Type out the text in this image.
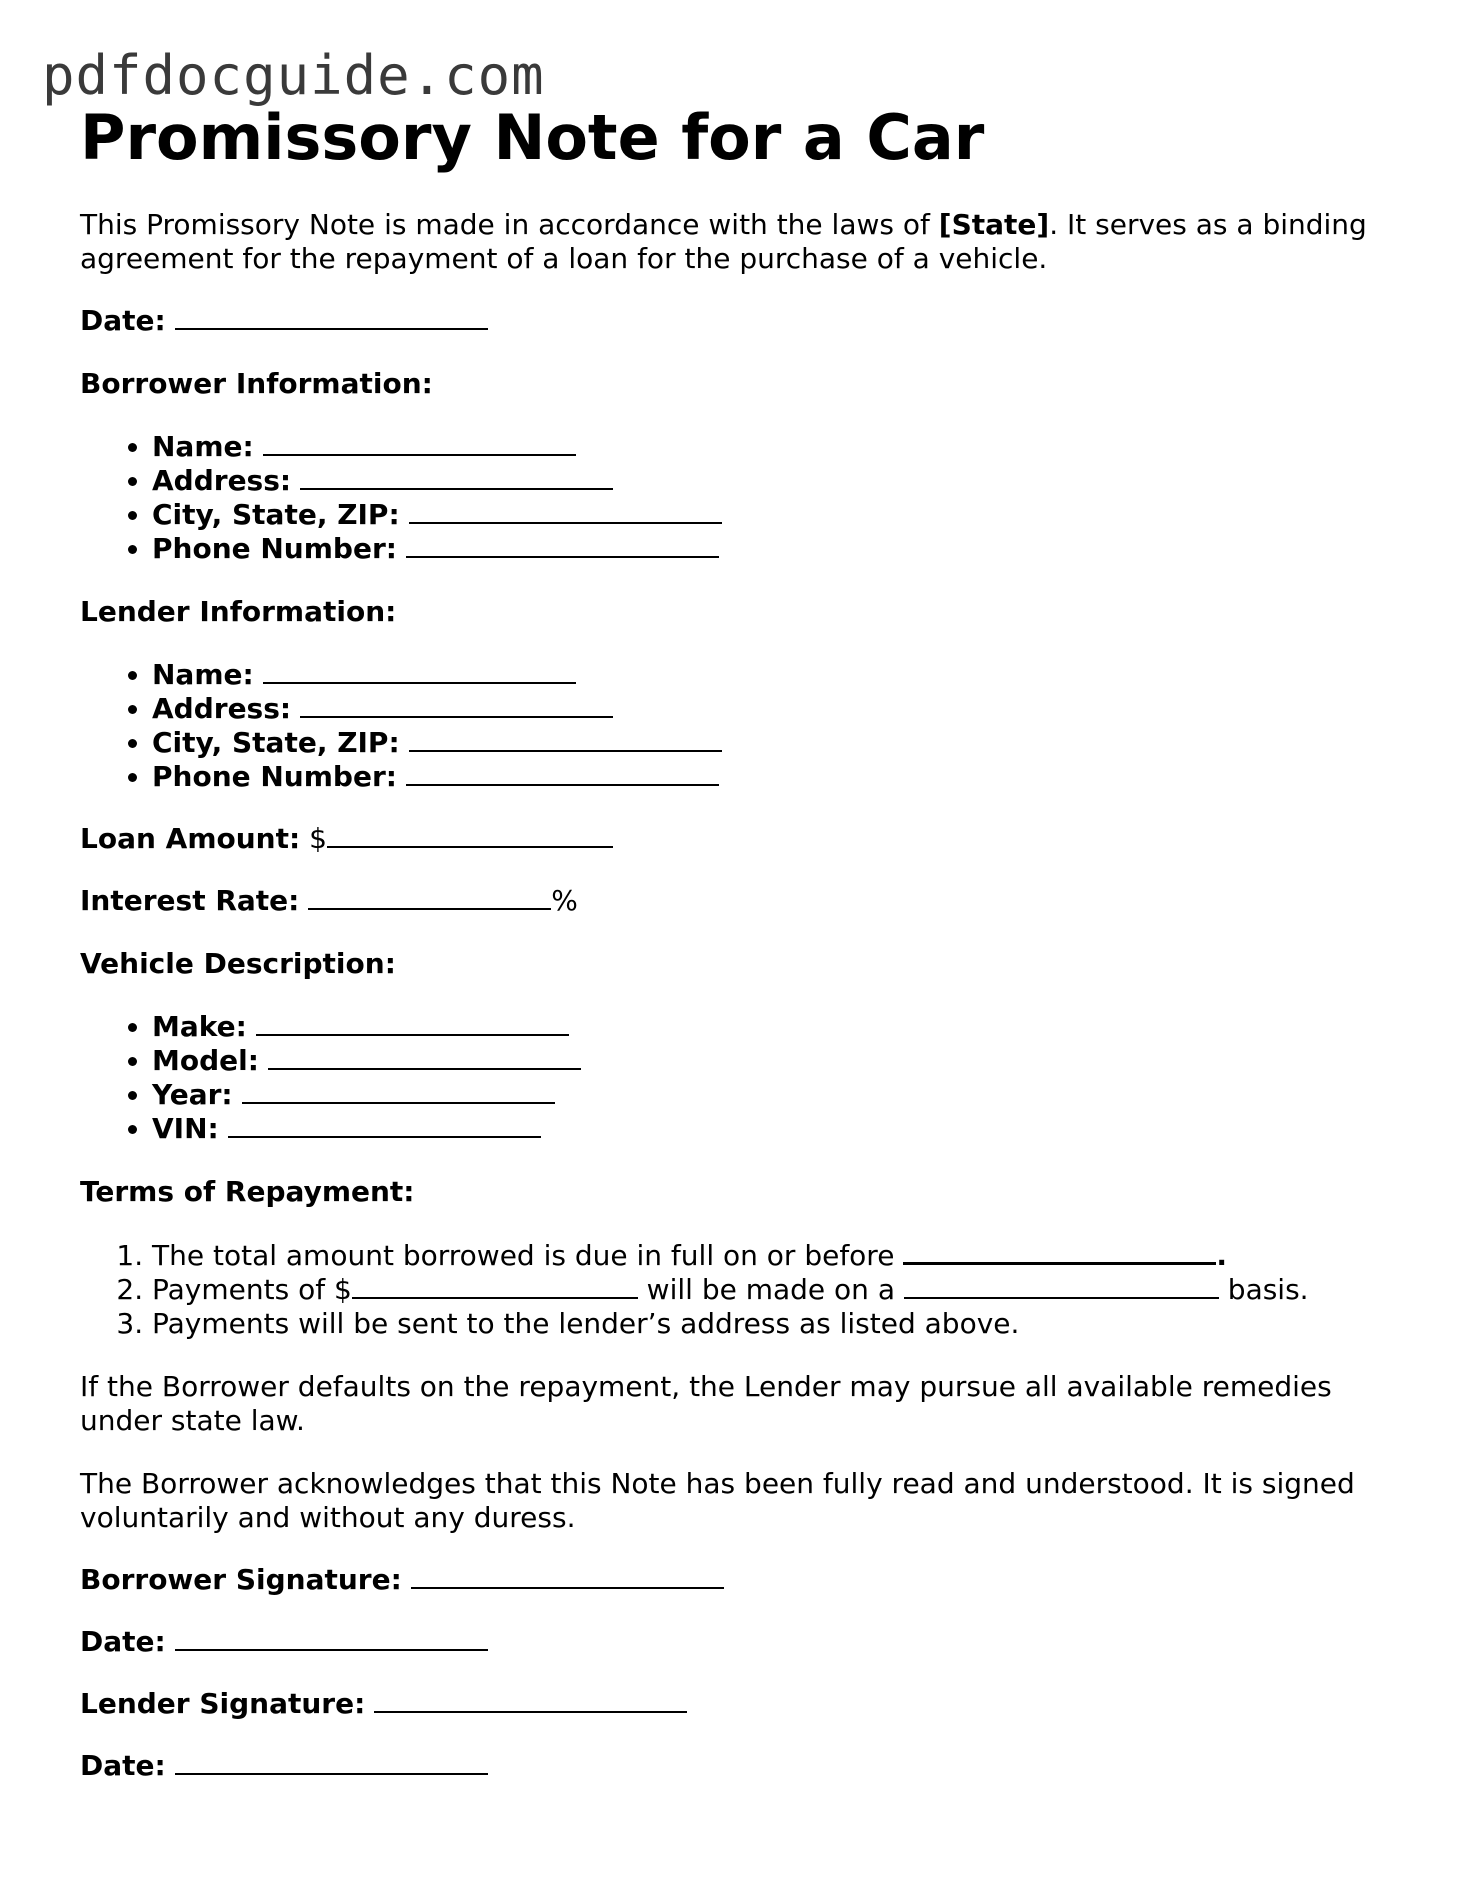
pdfdocguide.com
Promissory Note for a Car

This Promissory Note is made in accordance with the laws of [State]. It serves as a binding agreement for the repayment of a loan for the purchase of a vehicle.

Date:

Borrower Information:

• Name:
• Address:
• City, State, ZIP:
• Phone Number:

Lender Information:

• Name:
• Address:
• City, State, ZIP:
• Phone Number:

Loan Amount: $

Interest Rate:	%

Vehicle Description:

• Make:
• Model:
• Year:
• VIN:

Terms of Repayment:

1. The total amount borrowed is due in full on or before	.
2. Payments of $	will be made on a	basis.
3. Payments will be sent to the lender’s address as listed above.

If the Borrower defaults on the repayment, the Lender may pursue all available remedies under state law.

The Borrower acknowledges that this Note has been fully read and understood. It is signed voluntarily and without any duress.

Borrower Signature:

Date:

Lender Signature:

Date:
